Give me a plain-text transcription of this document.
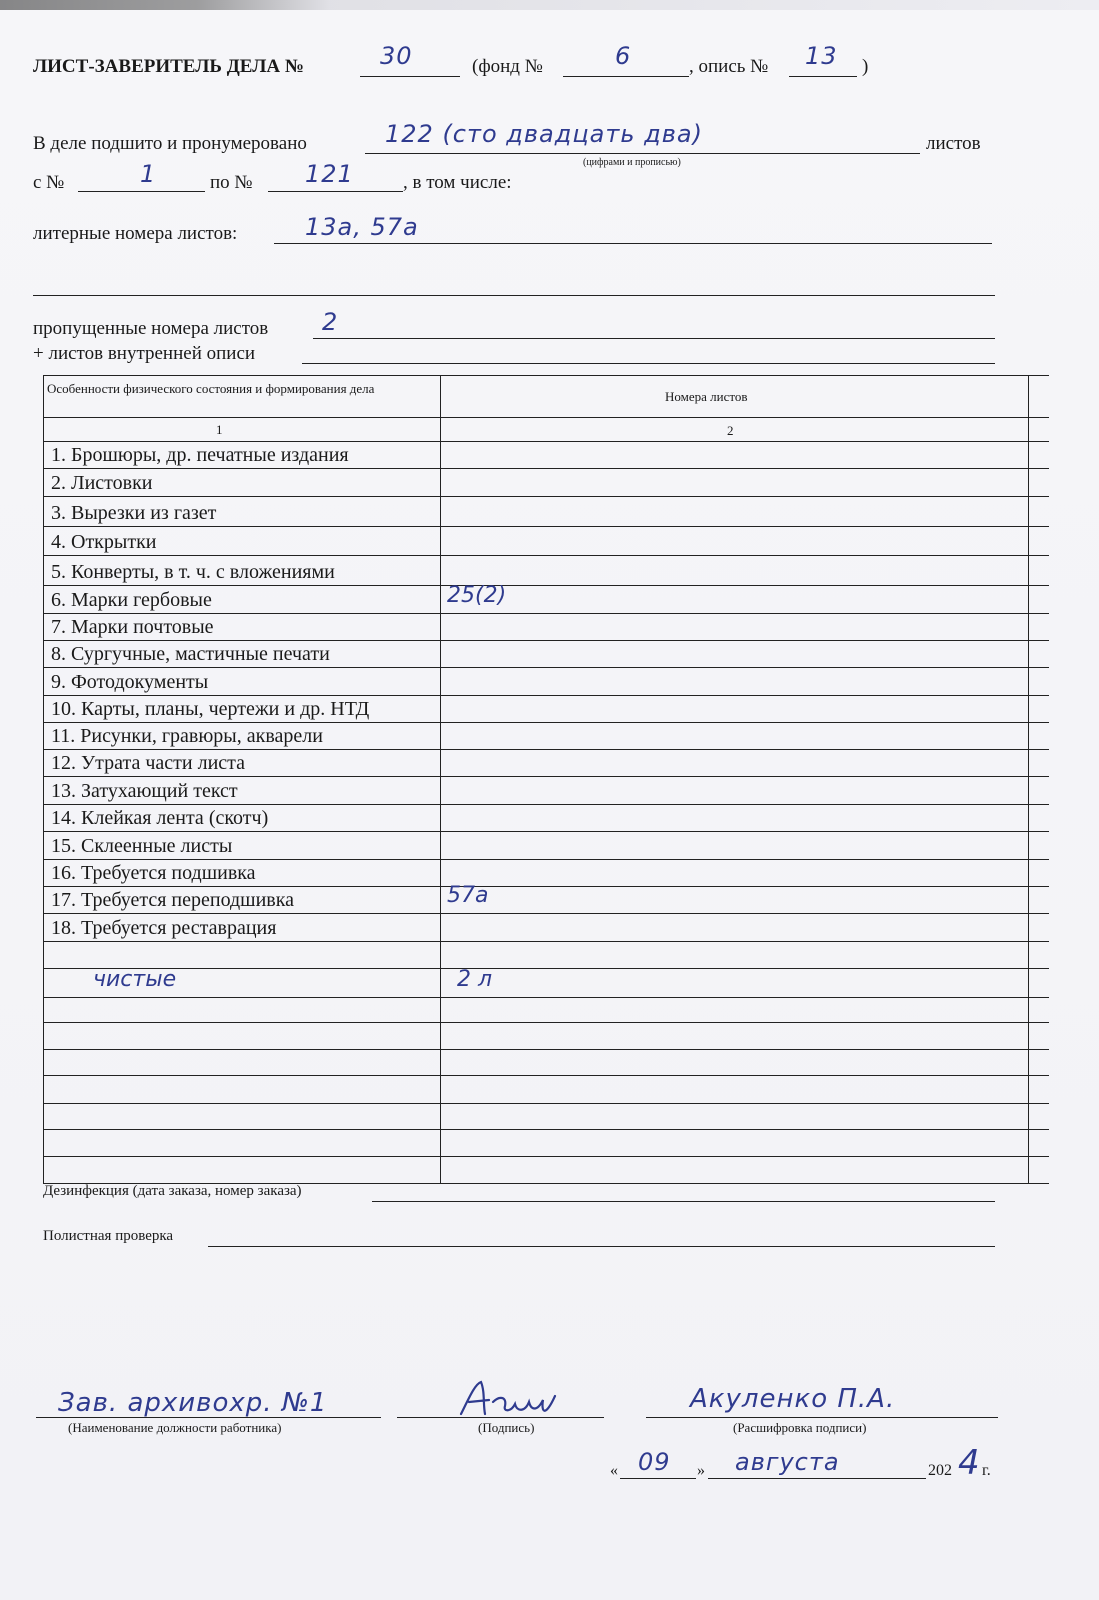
ЛИСТ-ЗАВЕРИТЕЛЬ ДЕЛА №	30	(фонд №	6	, опись № 13 )
В деле подшито и пронумеровано	122 (сто двадцать два)	листов
(цифрами и прописью)
с №	1	по № 121	, в том числе:
литерные номера листов:	13а, 57а
пропущенные номера листов 2
+ листов внутренней описи
Особенности физического состояния и формирования дела
Номера листов
1	2
1. Брошюры, др. печатные издания
2. Листовки
3. Вырезки из газет
4. Открытки
5. Конверты, в т. ч. с вложениями
6. Марки гербовые	25(2)
7. Марки почтовые
8. Сургучные, мастичные печати
9. Фотодокументы
10. Карты, планы, чертежи и др. НТД
11. Рисунки, гравюры, акварели
12. Утрата части листа
13. Затухающий текст
14. Клейкая лента (скотч)
15. Склеенные листы
16. Требуется подшивка
17. Требуется переподшивка	57а
18. Требуется реставрация
чистые	2 л
Дезинфекция (дата заказа, номер заказа)
Полистная проверка
Зав. архивохр. №1
(Наименование должности работника)	(Подпись)
Акуленко П.А.
(Расшифровка подписи)
« 09 » августа	202 4 г.
